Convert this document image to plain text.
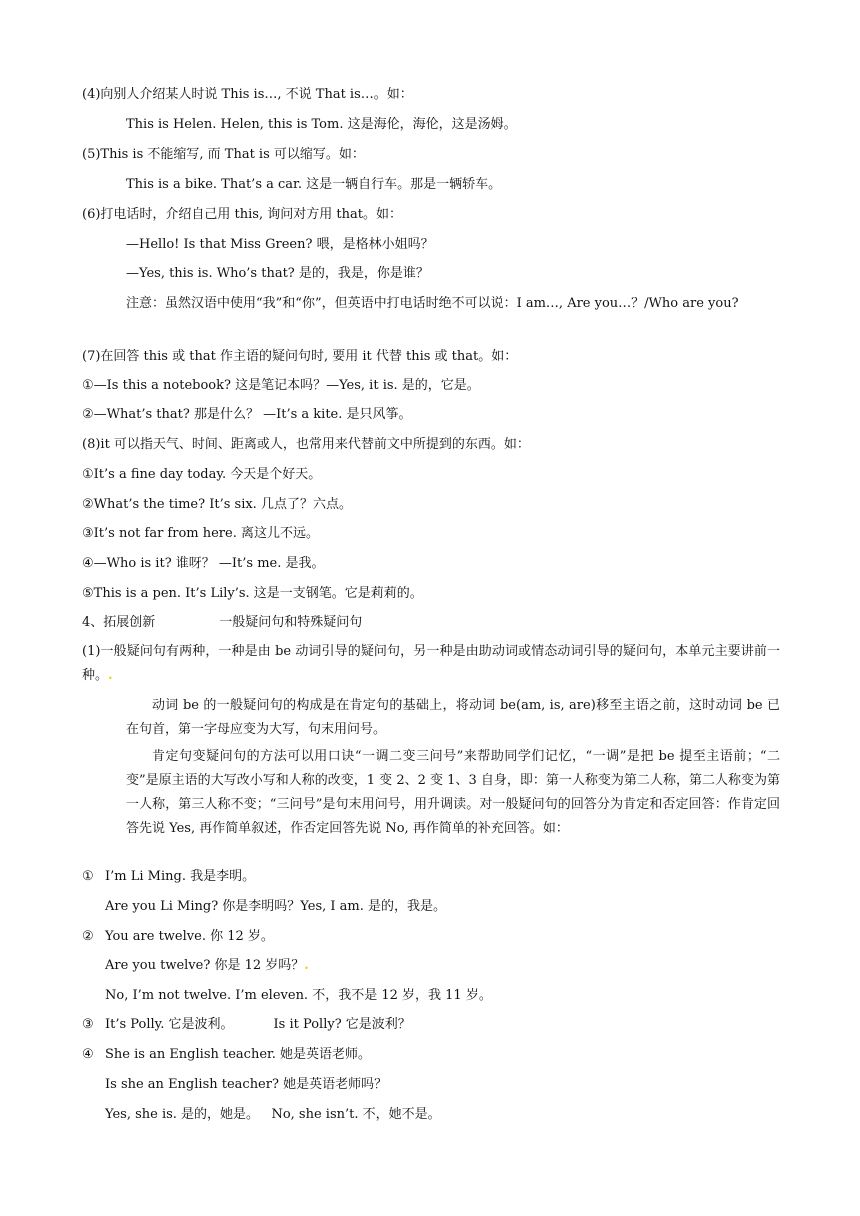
(4)向别人介绍某人时说 This is…, 不说 That is…。如：
This is Helen. Helen, this is Tom. 这是海伦，海伦，这是汤姆。
(5)This is 不能缩写, 而 That is 可以缩写。如：
This is a bike. That’s a car. 这是一辆自行车。那是一辆轿车。
(6)打电话时，介绍自己用 this, 询问对方用 that。如：
—Hello! Is that Miss Green? 喂，是格林小姐吗？
—Yes, this is. Who’s that? 是的，我是，你是谁？
注意：虽然汉语中使用“我”和“你”，但英语中打电话时绝不可以说：I am…, Are you…？/Who are you?
(7)在回答 this 或 that 作主语的疑问句时, 要用 it 代替 this 或 that。如：
①—Is this a notebook? 这是笔记本吗？—Yes, it is. 是的，它是。
②—What’s that? 那是什么？ —It’s a kite. 是只风筝。
(8)it 可以指天气、时间、距离或人，也常用来代替前文中所提到的东西。如：
①It’s a fine day today. 今天是个好天。
②What’s the time? It’s six. 几点了？六点。
③It’s not far from here. 离这儿不远。
④—Who is it? 谁呀？ —It’s me. 是我。
⑤This is a pen. It’s Lily’s. 这是一支钢笔。它是莉莉的。
4、拓展创新	一般疑问句和特殊疑问句
(1)一般疑问句有两种，一种是由 be 动词引导的疑问句，另一种是由助动词或情态动词引导的疑问句，本单元主要讲前一种。.
动词 be 的一般疑问句的构成是在肯定句的基础上，将动词 be(am, is, are)移至主语之前，这时动词 be 已在句首，第一字母应变为大写，句末用问号。
肯定句变疑问句的方法可以用口诀“一调二变三问号”来帮助同学们记忆，“一调”是把 be 提至主语前；“二变”是原主语的大写改小写和人称的改变，1 变 2、2 变 1、3 自身，即：第一人称变为第二人称，第二人称变为第一人称，第三人称不变；“三问号”是句末用问号，用升调读。对一般疑问句的回答分为肯定和否定回答：作肯定回答先说 Yes, 再作简单叙述，作否定回答先说 No, 再作简单的补充回答。如：
① I’m Li Ming. 我是李明。
Are you Li Ming? 你是李明吗？Yes, I am. 是的，我是。
② You are twelve. 你 12 岁。
Are you twelve? 你是 12 岁吗？.
No, I’m not twelve. I’m eleven. 不，我不是 12 岁，我 11 岁。
③ It’s Polly. 它是波利。	Is it Polly? 它是波利？
④ She is an English teacher. 她是英语老师。
Is she an English teacher? 她是英语老师吗？
Yes, she is. 是的，她是。 No, she isn’t. 不，她不是。
